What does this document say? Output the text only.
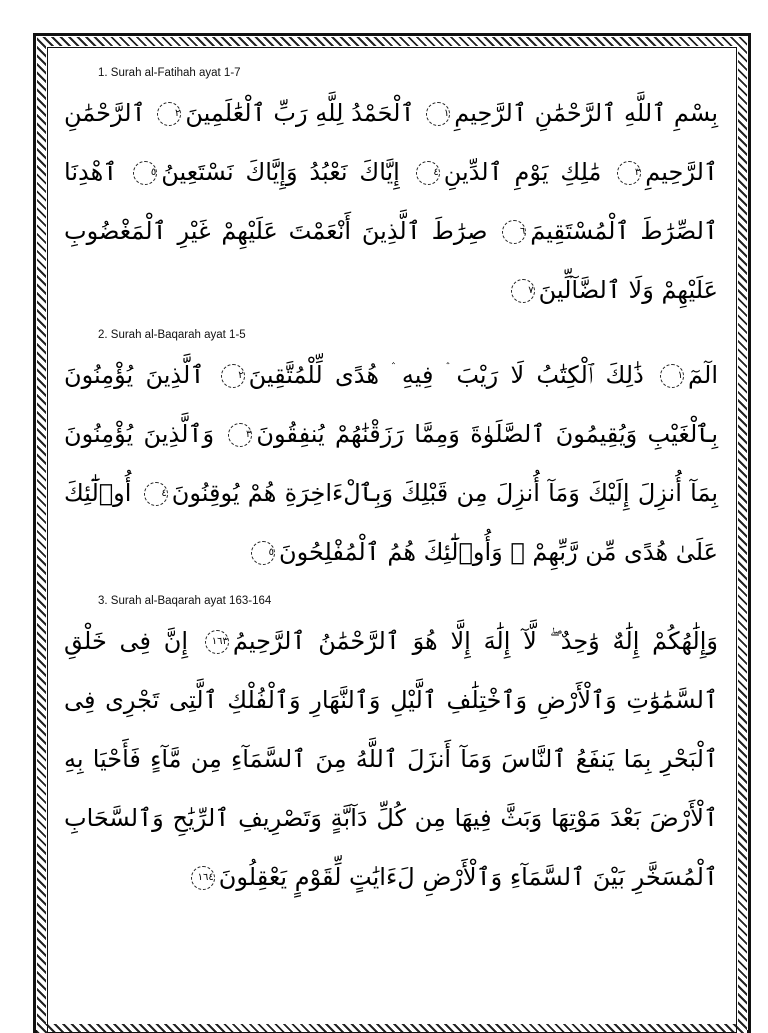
1. Surah al-Fatihah ayat 1-7
بِسْمِ ٱللَّهِ ٱلرَّحْمَٰنِ ٱلرَّحِيمِ١ ٱلْحَمْدُ لِلَّهِ رَبِّ ٱلْعَٰلَمِينَ٢ ٱلرَّحْمَٰنِ ٱلرَّحِيمِ٣ مَٰلِكِ يَوْمِ ٱلدِّينِ٤ إِيَّاكَ نَعْبُدُ وَإِيَّاكَ نَسْتَعِينُ٥ ٱهْدِنَا ٱلصِّرَٰطَ ٱلْمُسْتَقِيمَ٦ صِرَٰطَ ٱلَّذِينَ أَنْعَمْتَ عَلَيْهِمْ غَيْرِ ٱلْمَغْضُوبِ عَلَيْهِمْ وَلَا ٱلضَّآلِّينَ٧
2. Surah al-Baqarah ayat 1-5
الٓمٓ١ ذَٰلِكَ ٱلْكِتَٰبُ لَا رَيْبَ ۛ فِيهِ ۛ هُدًى لِّلْمُتَّقِينَ٢ ٱلَّذِينَ يُؤْمِنُونَ بِٱلْغَيْبِ وَيُقِيمُونَ ٱلصَّلَوٰةَ وَمِمَّا رَزَقْنَٰهُمْ يُنفِقُونَ٣ وَٱلَّذِينَ يُؤْمِنُونَ بِمَآ أُنزِلَ إِلَيْكَ وَمَآ أُنزِلَ مِن قَبْلِكَ وَبِٱلْءَاخِرَةِ هُمْ يُوقِنُونَ٤ أُو۟لَٰٓئِكَ عَلَىٰ هُدًى مِّن رَّبِّهِمْ ۖ وَأُو۟لَٰٓئِكَ هُمُ ٱلْمُفْلِحُونَ٥
3. Surah al-Baqarah ayat 163-164
وَإِلَٰهُكُمْ إِلَٰهٌ وَٰحِدٌ ۖ لَّآ إِلَٰهَ إِلَّا هُوَ ٱلرَّحْمَٰنُ ٱلرَّحِيمُ١٦٣ إِنَّ فِى خَلْقِ ٱلسَّمَٰوَٰتِ وَٱلْأَرْضِ وَٱخْتِلَٰفِ ٱلَّيْلِ وَٱلنَّهَارِ وَٱلْفُلْكِ ٱلَّتِى تَجْرِى فِى ٱلْبَحْرِ بِمَا يَنفَعُ ٱلنَّاسَ وَمَآ أَنزَلَ ٱللَّهُ مِنَ ٱلسَّمَآءِ مِن مَّآءٍ فَأَحْيَا بِهِ ٱلْأَرْضَ بَعْدَ مَوْتِهَا وَبَثَّ فِيهَا مِن كُلِّ دَآبَّةٍ وَتَصْرِيفِ ٱلرِّيَٰحِ وَٱلسَّحَابِ ٱلْمُسَخَّرِ بَيْنَ ٱلسَّمَآءِ وَٱلْأَرْضِ لَءَايَٰتٍ لِّقَوْمٍ يَعْقِلُونَ١٦٤
